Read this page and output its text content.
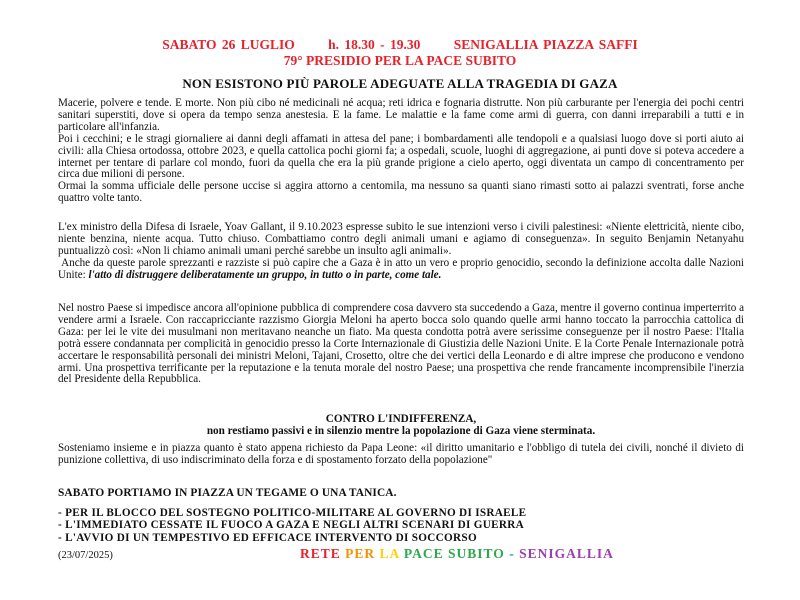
SABATO 26 LUGLIO h. 18.30 - 19.30 SENIGALLIA PIAZZA SAFFI
79° PRESIDIO PER LA PACE SUBITO
NON ESISTONO PIÙ PAROLE ADEGUATE ALLA TRAGEDIA DI GAZA

Macerie, polvere e tende. E morte. Non più cibo né medicinali né acqua; reti idrica e fognaria distrutte. Non più carburante per l'energia dei pochi centri sanitari superstiti, dove si opera da tempo senza anestesia. E la fame. Le malattie e la fame come armi di guerra, con danni irreparabili a tutti e in particolare all'infanzia.

Poi i cecchini; e le stragi giornaliere ai danni degli affamati in attesa del pane; i bombardamenti alle tendopoli e a qualsiasi luogo dove si porti aiuto ai civili: alla Chiesa ortodossa, ottobre 2023, e quella cattolica pochi giorni fa; a ospedali, scuole, luoghi di aggregazione, ai punti dove si poteva accedere a internet per tentare di parlare col mondo, fuori da quella che era la più grande prigione a cielo aperto, oggi diventata un campo di concentramento per circa due milioni di persone.

Ormai la somma ufficiale delle persone uccise si aggira attorno a centomila, ma nessuno sa quanti siano rimasti sotto ai palazzi sventrati, forse anche quattro volte tanto.

L'ex ministro della Difesa di Israele, Yoav Gallant, il 9.10.2023 espresse subito le sue intenzioni verso i civili palestinesi: «Niente elettricità, niente cibo, niente benzina, niente acqua. Tutto chiuso. Combattiamo contro degli animali umani e agiamo di conseguenza». In seguito Benjamin Netanyahu puntualizzò così: «Non li chiamo animali umani perché sarebbe un insulto agli animali».

Anche da queste parole sprezzanti e razziste si può capire che a Gaza è in atto un vero e proprio genocidio, secondo la definizione accolta dalle Nazioni Unite: l'atto di distruggere deliberatamente un gruppo, in tutto o in parte, come tale.

Nel nostro Paese si impedisce ancora all'opinione pubblica di comprendere cosa davvero sta succedendo a Gaza, mentre il governo continua imperterrito a vendere armi a Israele. Con raccapricciante razzismo Giorgia Meloni ha aperto bocca solo quando quelle armi hanno toccato la parrocchia cattolica di Gaza: per lei le vite dei musulmani non meritavano neanche un fiato. Ma questa condotta potrà avere serissime conseguenze per il nostro Paese: l'Italia potrà essere condannata per complicità in genocidio presso la Corte Internazionale di Giustizia delle Nazioni Unite. E la Corte Penale Internazionale potrà accertare le responsabilità personali dei ministri Meloni, Tajani, Crosetto, oltre che dei vertici della Leonardo e di altre imprese che producono e vendono armi. Una prospettiva terrificante per la reputazione e la tenuta morale del nostro Paese; una prospettiva che rende francamente incomprensibile l'inerzia del Presidente della Repubblica.

CONTRO L'INDIFFERENZA,
non restiamo passivi e in silenzio mentre la popolazione di Gaza viene sterminata.

Sosteniamo insieme e in piazza quanto è stato appena richiesto da Papa Leone: «il diritto umanitario e l'obbligo di tutela dei civili, nonché il divieto di punizione collettiva, di uso indiscriminato della forza e di spostamento forzato della popolazione"

SABATO PORTIAMO IN PIAZZA UN TEGAME O UNA TANICA.
- PER IL BLOCCO DEL SOSTEGNO POLITICO-MILITARE AL GOVERNO DI ISRAELE
- L'IMMEDIATO CESSATE IL FUOCO A GAZA E NEGLI ALTRI SCENARI DI GUERRA
- L'AVVIO DI UN TEMPESTIVO ED EFFICACE INTERVENTO DI SOCCORSO
(23/07/2025)	RETE PER LA PACE SUBITO - SENIGALLIA
